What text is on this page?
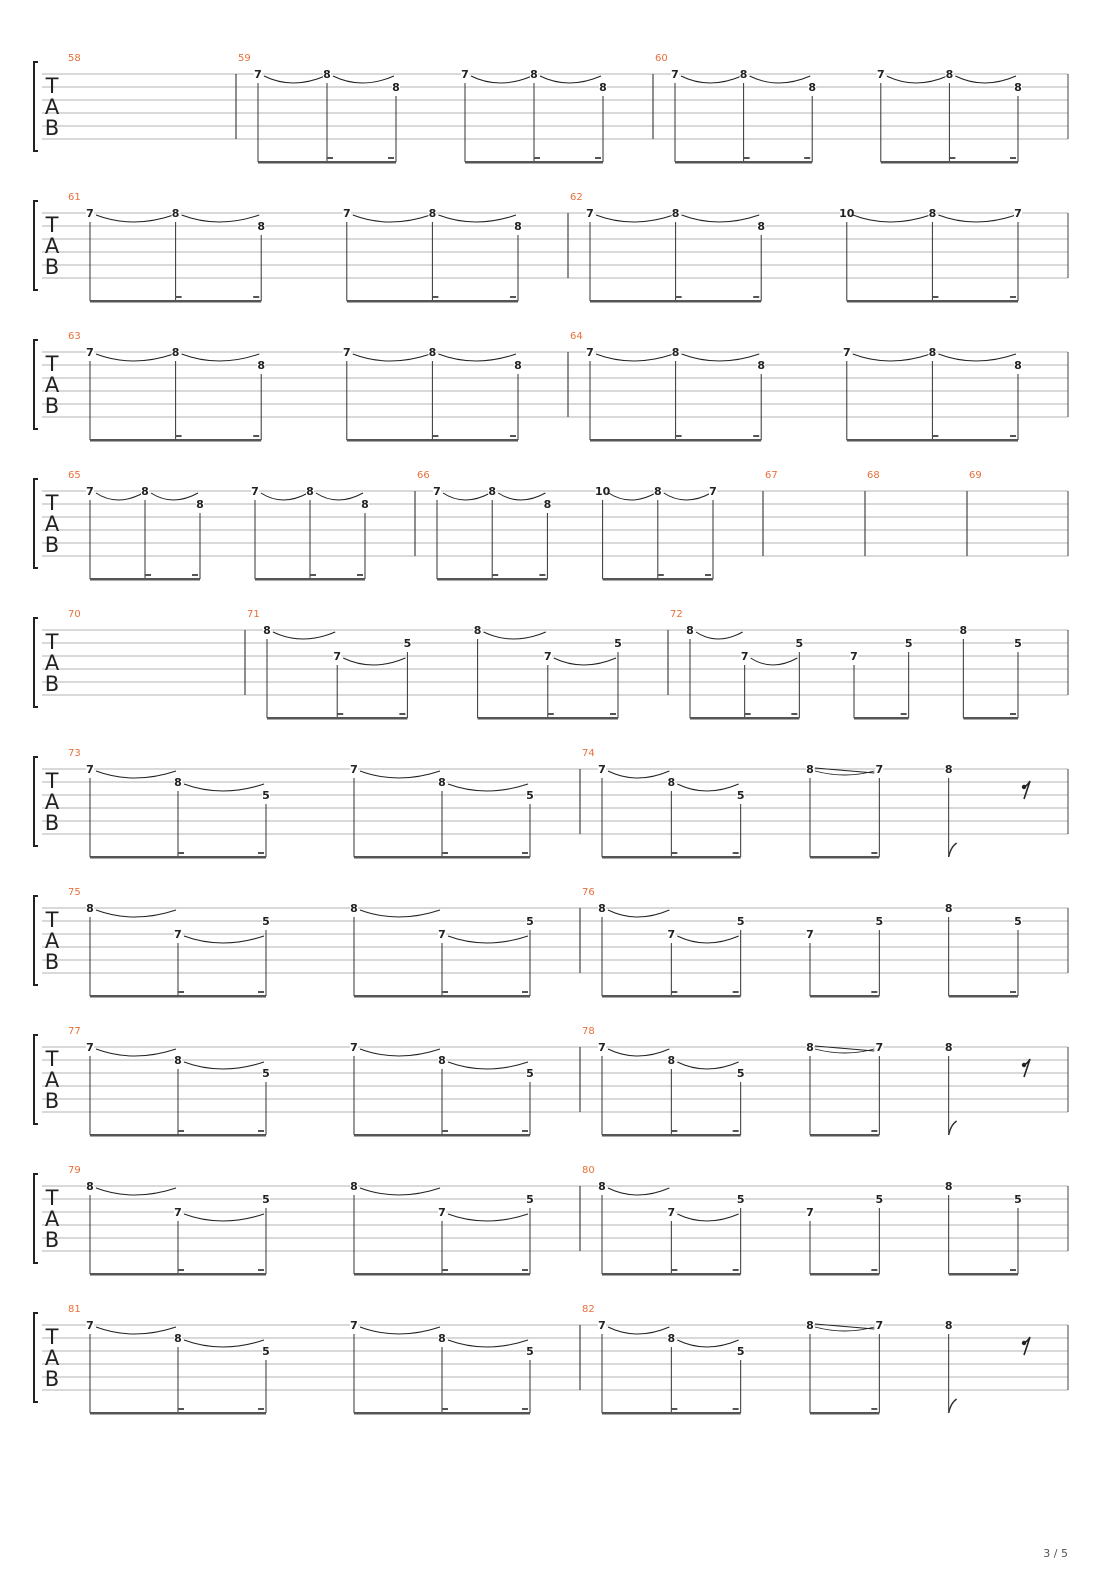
T
A
B
58	59
7	8
8
7	8
8
60
7	8
8
7	8
8
T
A
B
61
7	8
8
7	8
8
62
7	8
8
10	8	7
T
A
B
63
7	8
8
7	8
8
64
7	8
8
7	8
8
T
A
B
65
7	8
8
7	8
8
66
7	8
8
10	8	7
67	68	69
T
A
B
70	71
8
7
5
8
7
5
72
8
7
5
7
5
8
5
T
A
B
73
7
8
5
7
8
5
74
7
8
5
8	7	8
T
A
B
75
8
7
5
8
7
5
76
8
7
5
7
5
8
5
T
A
B
77
7
8
5
7
8
5
78
7
8
5
8	7	8
T
A
B
79
8
7
5
8
7
5
80
8
7
5
7
5
8
5
T
A
B
81
7
8
5
7
8
5
82
7
8
5
8	7	8
3 / 5
